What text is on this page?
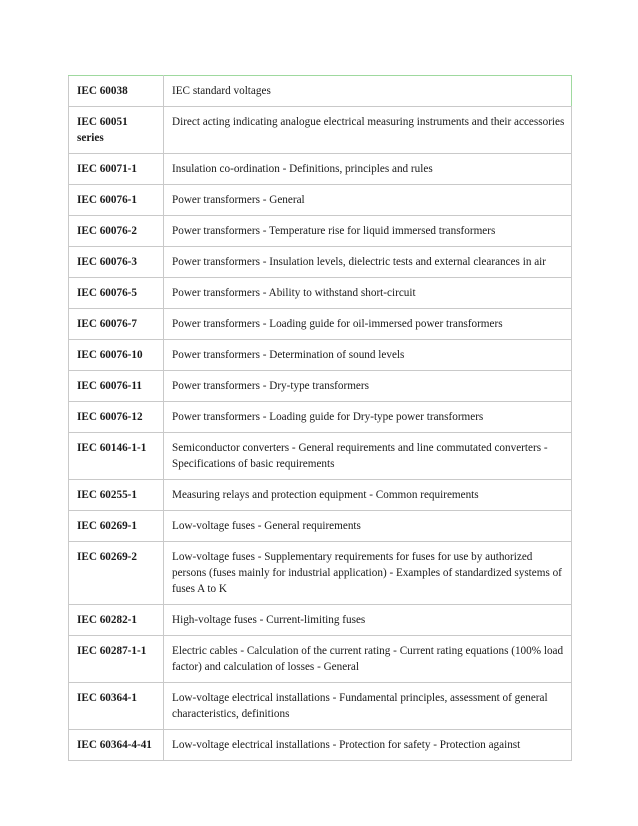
IEC 60038	IEC standard voltages
IEC 60051 series	Direct acting indicating analogue electrical measuring instruments and their accessories
IEC 60071-1	Insulation co-ordination - Definitions, principles and rules
IEC 60076-1	Power transformers - General
IEC 60076-2	Power transformers - Temperature rise for liquid immersed transformers
IEC 60076-3	Power transformers - Insulation levels, dielectric tests and external clearances in air
IEC 60076-5	Power transformers - Ability to withstand short-circuit
IEC 60076-7	Power transformers - Loading guide for oil-immersed power transformers
IEC 60076-10	Power transformers - Determination of sound levels
IEC 60076-11	Power transformers - Dry-type transformers
IEC 60076-12	Power transformers - Loading guide for Dry-type power transformers
IEC 60146-1-1	Semiconductor converters - General requirements and line commutated converters - Specifications of basic requirements
IEC 60255-1	Measuring relays and protection equipment - Common requirements
IEC 60269-1	Low-voltage fuses - General requirements
IEC 60269-2	Low-voltage fuses - Supplementary requirements for fuses for use by authorized persons (fuses mainly for industrial application) - Examples of standardized systems of fuses A to K
IEC 60282-1	High-voltage fuses - Current-limiting fuses
IEC 60287-1-1	Electric cables - Calculation of the current rating - Current rating equations (100% load factor) and calculation of losses - General
IEC 60364-1	Low-voltage electrical installations - Fundamental principles, assessment of general characteristics, definitions
IEC 60364-4-41	Low-voltage electrical installations - Protection for safety - Protection against
